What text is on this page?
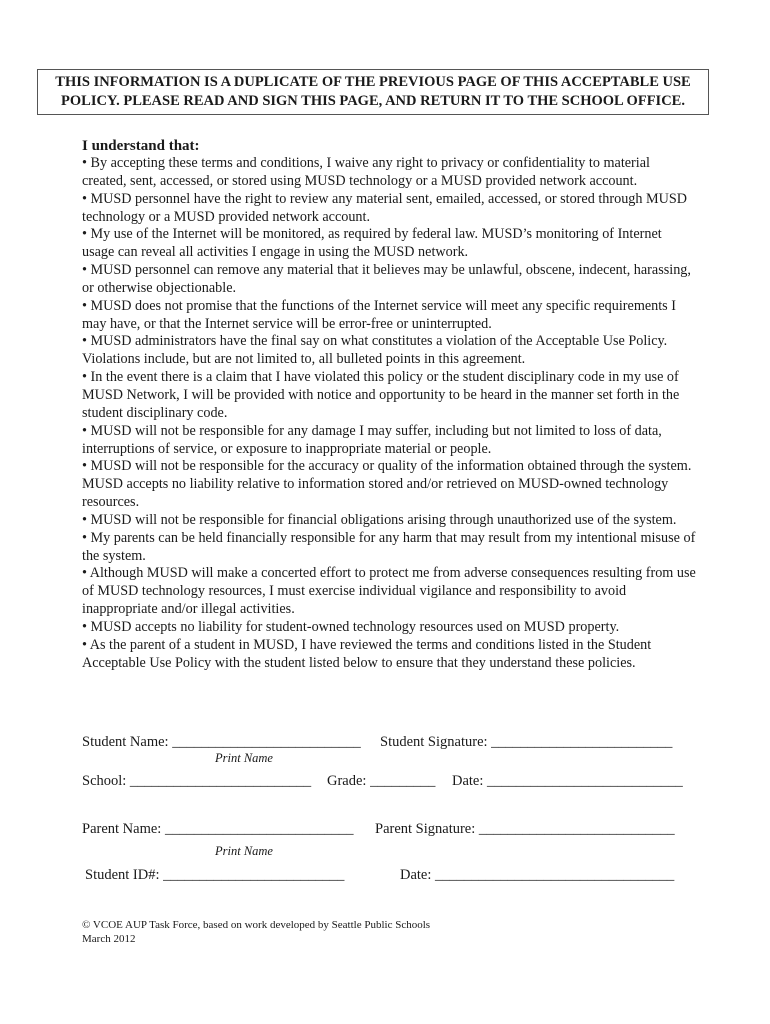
THIS INFORMATION IS A DUPLICATE OF THE PREVIOUS PAGE OF THIS ACCEPTABLE USE
POLICY. PLEASE READ AND SIGN THIS PAGE, AND RETURN IT TO THE SCHOOL OFFICE.
I understand that:
• By accepting these terms and conditions, I waive any right to privacy or confidentiality to material created, sent, accessed, or stored using MUSD technology or a MUSD provided network account.
• MUSD personnel have the right to review any material sent, emailed, accessed, or stored through MUSD technology or a MUSD provided network account.
• My use of the Internet will be monitored, as required by federal law. MUSD’s monitoring of Internet usage can reveal all activities I engage in using the MUSD network.
• MUSD personnel can remove any material that it believes may be unlawful, obscene, indecent, harassing, or otherwise objectionable.
• MUSD does not promise that the functions of the Internet service will meet any specific requirements I may have, or that the Internet service will be error-free or uninterrupted.
• MUSD administrators have the final say on what constitutes a violation of the Acceptable Use Policy. Violations include, but are not limited to, all bulleted points in this agreement.
• In the event there is a claim that I have violated this policy or the student disciplinary code in my use of MUSD Network, I will be provided with notice and opportunity to be heard in the manner set forth in the student disciplinary code.
• MUSD will not be responsible for any damage I may suffer, including but not limited to loss of data, interruptions of service, or exposure to inappropriate material or people.
• MUSD will not be responsible for the accuracy or quality of the information obtained through the system. MUSD accepts no liability relative to information stored and/or retrieved on MUSD-owned technology resources.
• MUSD will not be responsible for financial obligations arising through unauthorized use of the system.
• My parents can be held financially responsible for any harm that may result from my intentional misuse of the system.
• Although MUSD will make a concerted effort to protect me from adverse consequences resulting from use of MUSD technology resources, I must exercise individual vigilance and responsibility to avoid inappropriate and/or illegal activities.
• MUSD accepts no liability for student-owned technology resources used on MUSD property.
• As the parent of a student in MUSD, I have reviewed the terms and conditions listed in the Student Acceptable Use Policy with the student listed below to ensure that they understand these policies.
Student Name: __________________________ Student Signature: _________________________
Print Name
School: _________________________ Grade: _________ Date: ___________________________
Parent Name: __________________________ Parent Signature: ___________________________
Print Name
Student ID#: _________________________	Date: _________________________________
© VCOE AUP Task Force, based on work developed by Seattle Public Schools
March 2012
